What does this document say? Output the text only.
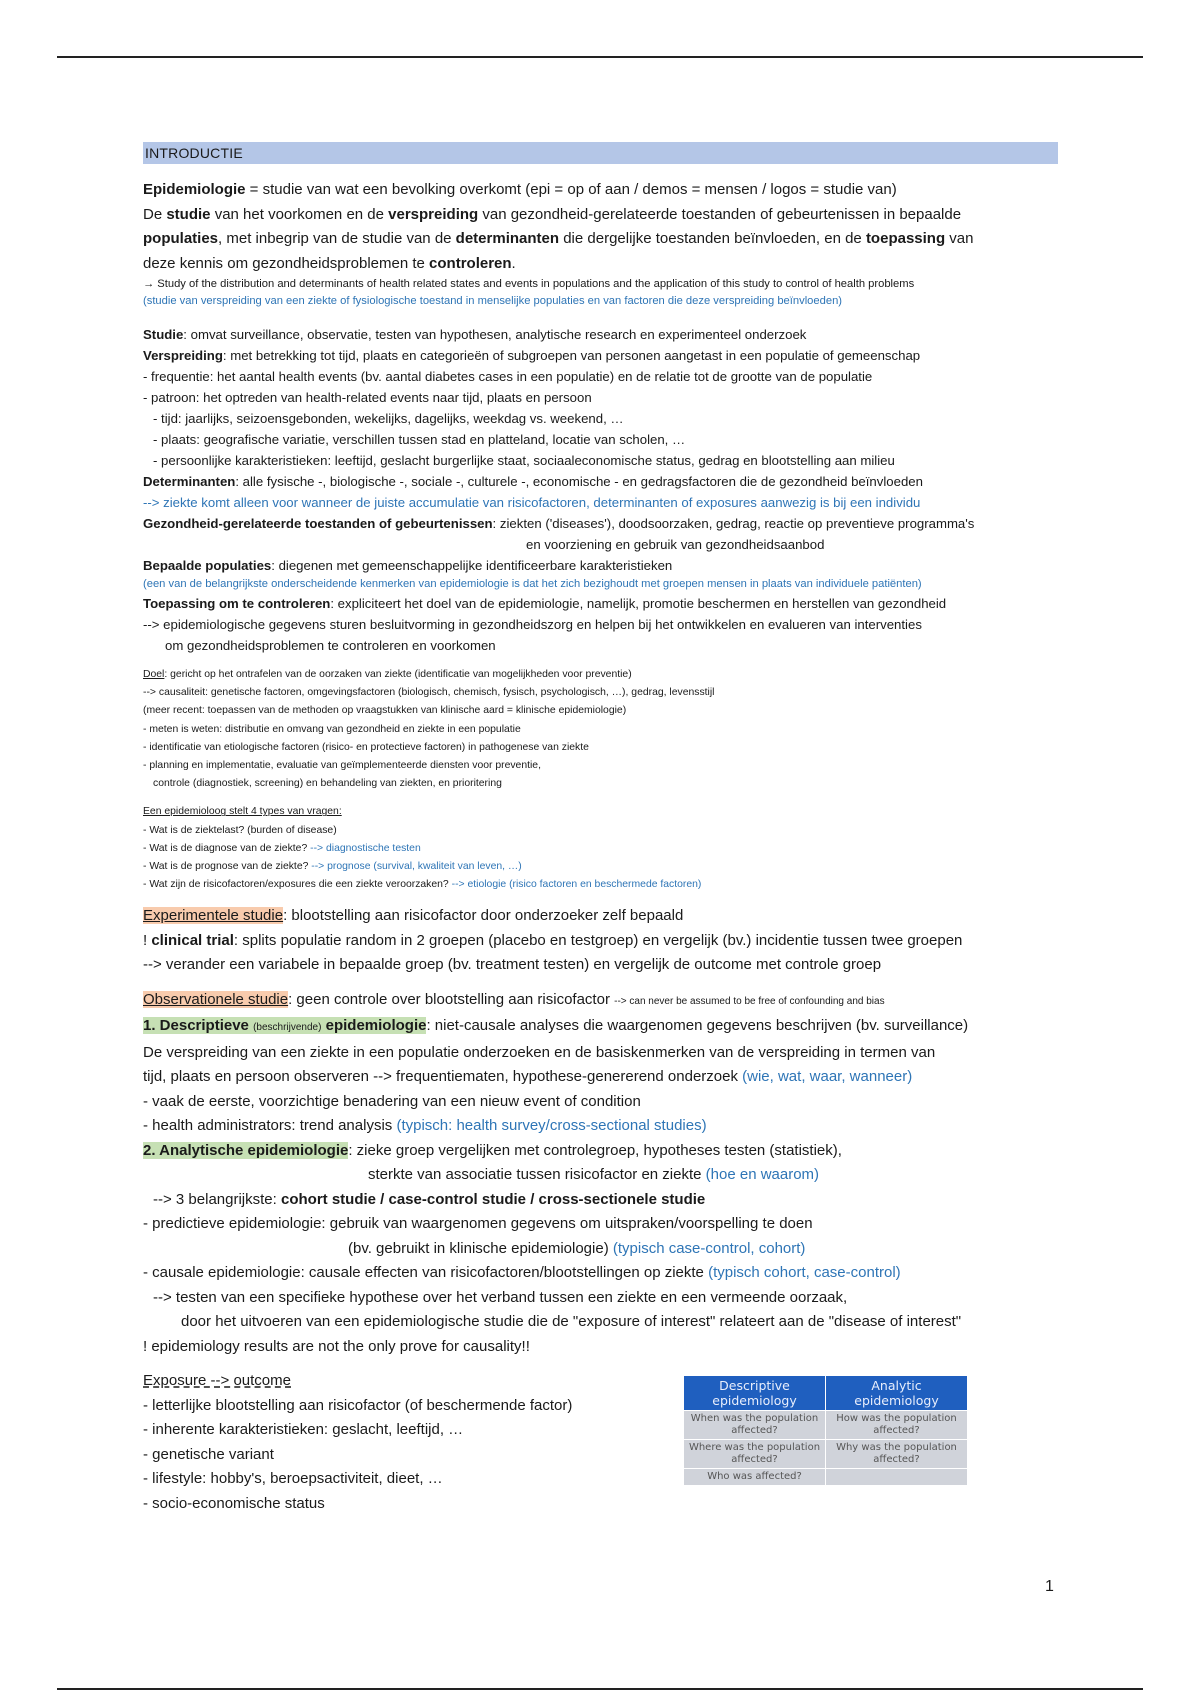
INTRODUCTIE
Epidemiologie = studie van wat een bevolking overkomt (epi = op of aan / demos = mensen / logos = studie van)
De studie van het voorkomen en de verspreiding van gezondheid-gerelateerde toestanden of gebeurtenissen in bepaalde
populaties, met inbegrip van de studie van de determinanten die dergelijke toestanden beïnvloeden, en de toepassing van
deze kennis om gezondheidsproblemen te controleren.
→ Study of the distribution and determinants of health related states and events in populations and the application of this study to control of health problems
(studie van verspreiding van een ziekte of fysiologische toestand in menselijke populaties en van factoren die deze verspreiding beïnvloeden)
Studie: omvat surveillance, observatie, testen van hypothesen, analytische research en experimenteel onderzoek
Verspreiding: met betrekking tot tijd, plaats en categorieën of subgroepen van personen aangetast in een populatie of gemeenschap
- frequentie: het aantal health events (bv. aantal diabetes cases in een populatie) en de relatie tot de grootte van de populatie
- patroon: het optreden van health-related events naar tijd, plaats en persoon
- tijd: jaarlijks, seizoensgebonden, wekelijks, dagelijks, weekdag vs. weekend, …
- plaats: geografische variatie, verschillen tussen stad en platteland, locatie van scholen, …
- persoonlijke karakteristieken: leeftijd, geslacht burgerlijke staat, sociaaleconomische status, gedrag en blootstelling aan milieu
Determinanten: alle fysische -, biologische -, sociale -, culturele -, economische - en gedragsfactoren die de gezondheid beïnvloeden
--> ziekte komt alleen voor wanneer de juiste accumulatie van risicofactoren, determinanten of exposures aanwezig is bij een individu
Gezondheid-gerelateerde toestanden of gebeurtenissen: ziekten ('diseases'), doodsoorzaken, gedrag, reactie op preventieve programma's
en voorziening en gebruik van gezondheidsaanbod
Bepaalde populaties: diegenen met gemeenschappelijke identificeerbare karakteristieken
(een van de belangrijkste onderscheidende kenmerken van epidemiologie is dat het zich bezighoudt met groepen mensen in plaats van individuele patiënten)
Toepassing om te controleren: expliciteert het doel van de epidemiologie, namelijk, promotie beschermen en herstellen van gezondheid
--> epidemiologische gegevens sturen besluitvorming in gezondheidszorg en helpen bij het ontwikkelen en evalueren van interventies
om gezondheidsproblemen te controleren en voorkomen
Doel: gericht op het ontrafelen van de oorzaken van ziekte (identificatie van mogelijkheden voor preventie)
--> causaliteit: genetische factoren, omgevingsfactoren (biologisch, chemisch, fysisch, psychologisch, …), gedrag, levensstijl
(meer recent: toepassen van de methoden op vraagstukken van klinische aard = klinische epidemiologie)
- meten is weten: distributie en omvang van gezondheid en ziekte in een populatie
- identificatie van etiologische factoren (risico- en protectieve factoren) in pathogenese van ziekte
- planning en implementatie, evaluatie van geïmplementeerde diensten voor preventie,
controle (diagnostiek, screening) en behandeling van ziekten, en prioritering
Een epidemioloog stelt 4 types van vragen:
- Wat is de ziektelast? (burden of disease)
- Wat is de diagnose van de ziekte? --> diagnostische testen
- Wat is de prognose van de ziekte? --> prognose (survival, kwaliteit van leven, …)
- Wat zijn de risicofactoren/exposures die een ziekte veroorzaken? --> etiologie (risico factoren en beschermede factoren)
Experimentele studie: blootstelling aan risicofactor door onderzoeker zelf bepaald
! clinical trial: splits populatie random in 2 groepen (placebo en testgroep) en vergelijk (bv.) incidentie tussen twee groepen
--> verander een variabele in bepaalde groep (bv. treatment testen) en vergelijk de outcome met controle groep
Observationele studie: geen controle over blootstelling aan risicofactor --> can never be assumed to be free of confounding and bias
1. Descriptieve (beschrijvende) epidemiologie: niet-causale analyses die waargenomen gegevens beschrijven (bv. surveillance)
De verspreiding van een ziekte in een populatie onderzoeken en de basiskenmerken van de verspreiding in termen van
tijd, plaats en persoon observeren --> frequentiematen, hypothese-genererend onderzoek (wie, wat, waar, wanneer)
- vaak de eerste, voorzichtige benadering van een nieuw event of condition
- health administrators: trend analysis (typisch: health survey/cross-sectional studies)
2. Analytische epidemiologie: zieke groep vergelijken met controlegroep, hypotheses testen (statistiek),
sterkte van associatie tussen risicofactor en ziekte (hoe en waarom)
--> 3 belangrijkste: cohort studie / case-control studie / cross-sectionele studie
- predictieve epidemiologie: gebruik van waargenomen gegevens om uitspraken/voorspelling te doen
(bv. gebruikt in klinische epidemiologie) (typisch case-control, cohort)
- causale epidemiologie: causale effecten van risicofactoren/blootstellingen op ziekte (typisch cohort, case-control)
--> testen van een specifieke hypothese over het verband tussen een ziekte en een vermeende oorzaak,
door het uitvoeren van een epidemiologische studie die de "exposure of interest" relateert aan de "disease of interest"
! epidemiology results are not the only prove for causality!!
Exposure --> outcome
- letterlijke blootstelling aan risicofactor (of beschermende factor)
- inherente karakteristieken: geslacht, leeftijd, …
- genetische variant
- lifestyle: hobby's, beroepsactiviteit, dieet, …
- socio-economische status
Descriptive epidemiology	Analytic epidemiology
When was the population affected?	How was the population affected?
Where was the population affected?	Why was the population affected?
Who was affected?	
1
